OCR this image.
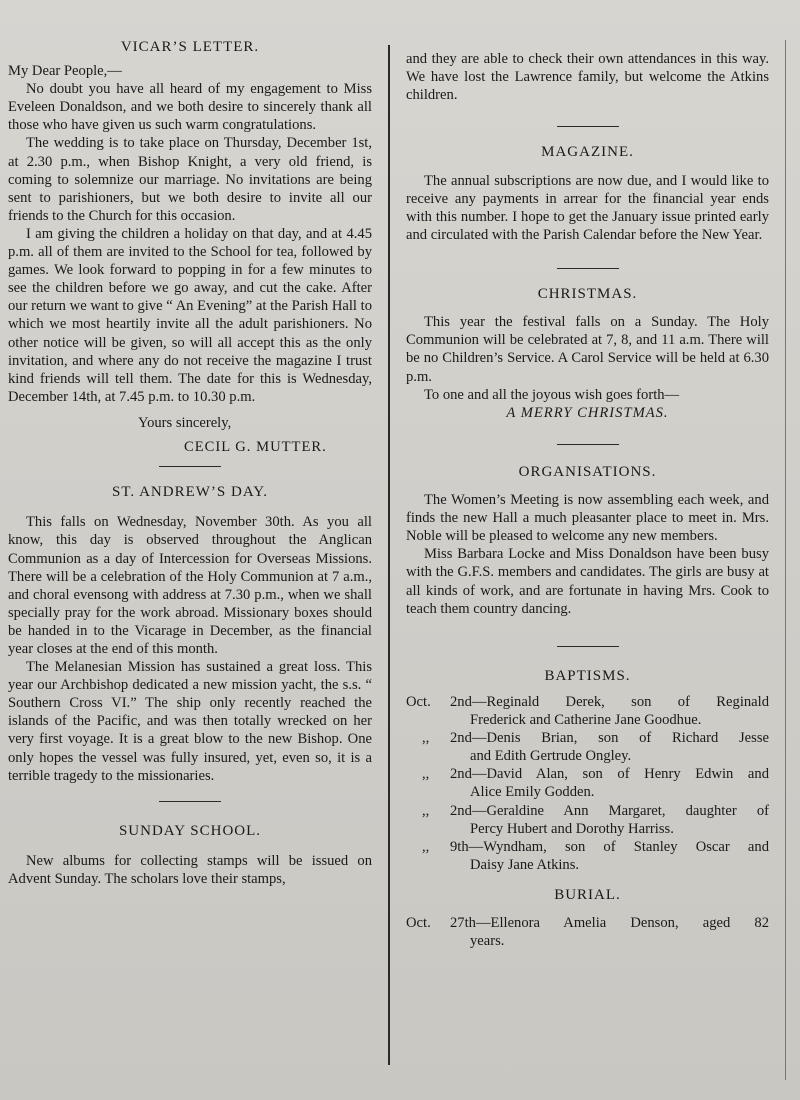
VICAR’S LETTER.

My Dear People,—

No doubt you have all heard of my engagement to Miss Eveleen Donaldson, and we both desire to sincerely thank all those who have given us such warm congratulations.

The wedding is to take place on Thursday, December 1st, at 2.30 p.m., when Bishop Knight, a very old friend, is coming to solemnize our marriage. No invitations are being sent to parishioners, but we both desire to invite all our friends to the Church for this occasion.

I am giving the children a holiday on that day, and at 4.45 p.m. all of them are invited to the School for tea, followed by games. We look forward to popping in for a few minutes to see the children before we go away, and cut the cake. After our return we want to give “ An Evening” at the Parish Hall to which we most heartily invite all the adult parishioners. No other notice will be given, so will all accept this as the only invitation, and where any do not receive the magazine I trust kind friends will tell them. The date for this is Wednesday, December 14th, at 7.45 p.m. to 10.30 p.m.

Yours sincerely,

CECIL G. MUTTER.

ST. ANDREW’S DAY.

This falls on Wednesday, November 30th. As you all know, this day is observed throughout the Anglican Communion as a day of Intercession for Overseas Missions. There will be a celebration of the Holy Communion at 7 a.m., and choral evensong with address at 7.30 p.m., when we shall specially pray for the work abroad. Missionary boxes should be handed in to the Vicarage in December, as the financial year closes at the end of this month.

The Melanesian Mission has sustained a great loss. This year our Archbishop dedicated a new mission yacht, the s.s. “ Southern Cross VI.” The ship only recently reached the islands of the Pacific, and was then totally wrecked on her very first voyage. It is a great blow to the new Bishop. One only hopes the vessel was fully insured, yet, even so, it is a terrible tragedy to the missionaries.

SUNDAY SCHOOL.

New albums for collecting stamps will be issued on Advent Sunday. The scholars love their stamps,

and they are able to check their own attendances in this way. We have lost the Lawrence family, but welcome the Atkins children.

MAGAZINE.

The annual subscriptions are now due, and I would like to receive any payments in arrear for the financial year ends with this number. I hope to get the January issue printed early and circulated with the Parish Calendar before the New Year.

CHRISTMAS.

This year the festival falls on a Sunday. The Holy Communion will be celebrated at 7, 8, and 11 a.m. There will be no Children’s Service. A Carol Service will be held at 6.30 p.m.

To one and all the joyous wish goes forth—

A MERRY CHRISTMAS.

ORGANISATIONS.

The Women’s Meeting is now assembling each week, and finds the new Hall a much pleasanter place to meet in. Mrs. Noble will be pleased to welcome any new members.

Miss Barbara Locke and Miss Donaldson have been busy with the G.F.S. members and candidates. The girls are busy at all kinds of work, and are fortunate in having Mrs. Cook to teach them country dancing.

BAPTISMS.
Oct.	2nd—Reginald Derek, son of Reginald
Frederick and Catherine Jane Goodhue.
,,	2nd—Denis Brian, son of Richard Jesse
and Edith Gertrude Ongley.
,,	2nd—David Alan, son of Henry Edwin and
Alice Emily Godden.
,,	2nd—Geraldine Ann Margaret, daughter of
Percy Hubert and Dorothy Harriss.
,,	9th—Wyndham, son of Stanley Oscar and
Daisy Jane Atkins.
BURIAL.
Oct.	27th—Ellenora Amelia Denson, aged 82
years.
